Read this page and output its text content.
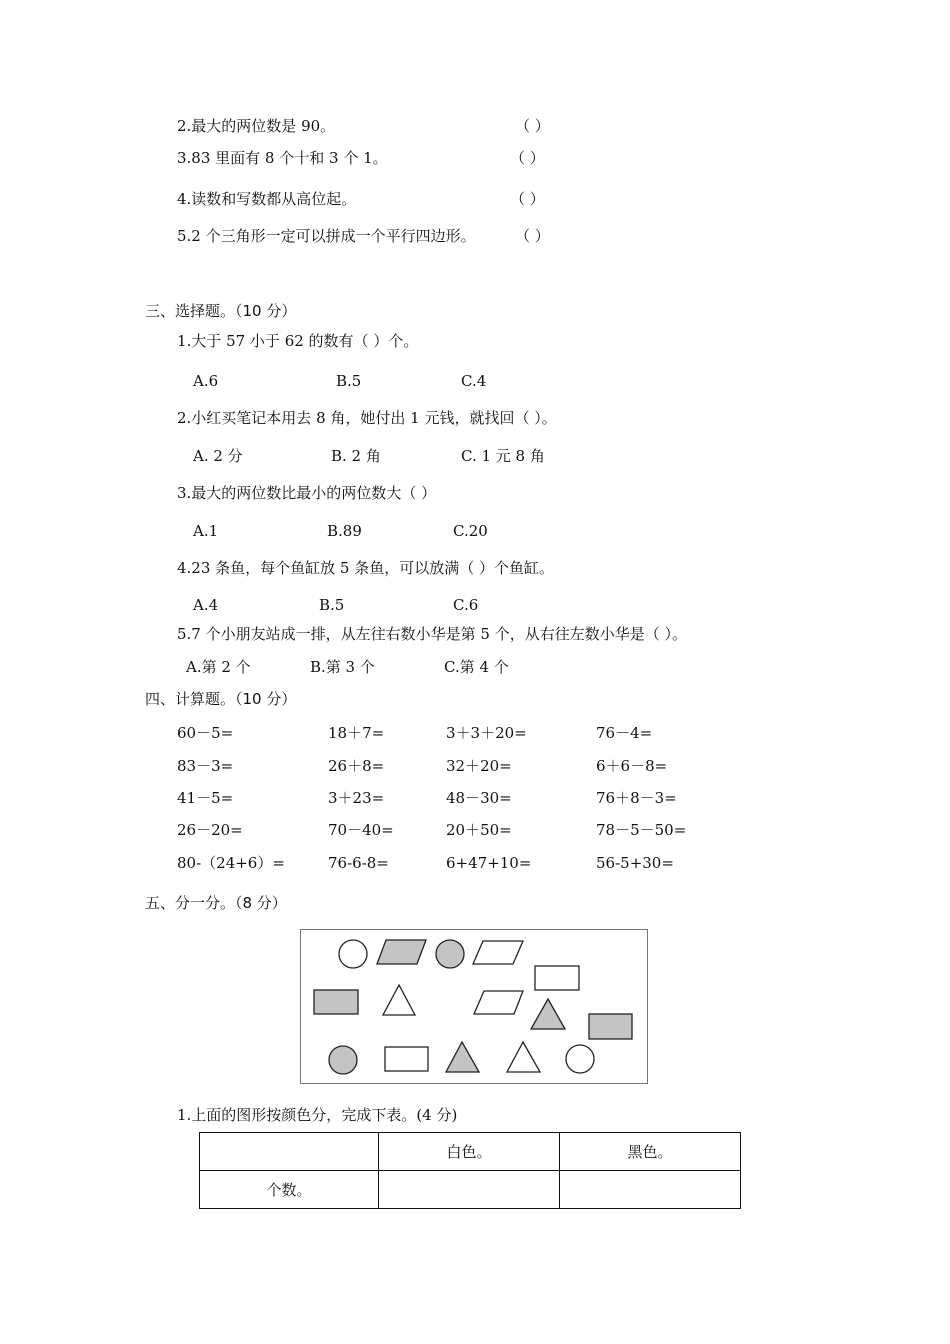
2.最大的两位数是 90。	（ ）
3.83 里面有 8 个十和 3 个 1。	（ ）
4.读数和写数都从高位起。	（ ）
5.2 个三角形一定可以拼成一个平行四边形。	（ ）
三、选择题。（10 分）
1.大于 57 小于 62 的数有（ ）个。
A.6	B.5	C.4
2.小红买笔记本用去 8 角，她付出 1 元钱，就找回（ ）。
A. 2 分	B. 2 角	C. 1 元 8 角
3.最大的两位数比最小的两位数大（ ）
A.1	B.89	C.20
4.23 条鱼，每个鱼缸放 5 条鱼，可以放满（ ）个鱼缸。
A.4	B.5	C.6
5.7 个小朋友站成一排，从左往右数小华是第 5 个，从右往左数小华是（ ）。
A.第 2 个	B.第 3 个	C.第 4 个
四、计算题。（10 分）
60－5=	18＋7=	3＋3＋20=	76－4=
83－3=	26＋8=	32＋20=	6＋6－8=
41－5=	3＋23=	48－30=	76＋8－3=
26－20=	70－40=	20＋50=	78－5－50=
80-（24+6）=	76-6-8=	6+47+10=	56-5+30=
五、分一分。（8 分）
1.上面的图形按颜色分，完成下表。(4 分)
	白色。	黑色。
个数。		
